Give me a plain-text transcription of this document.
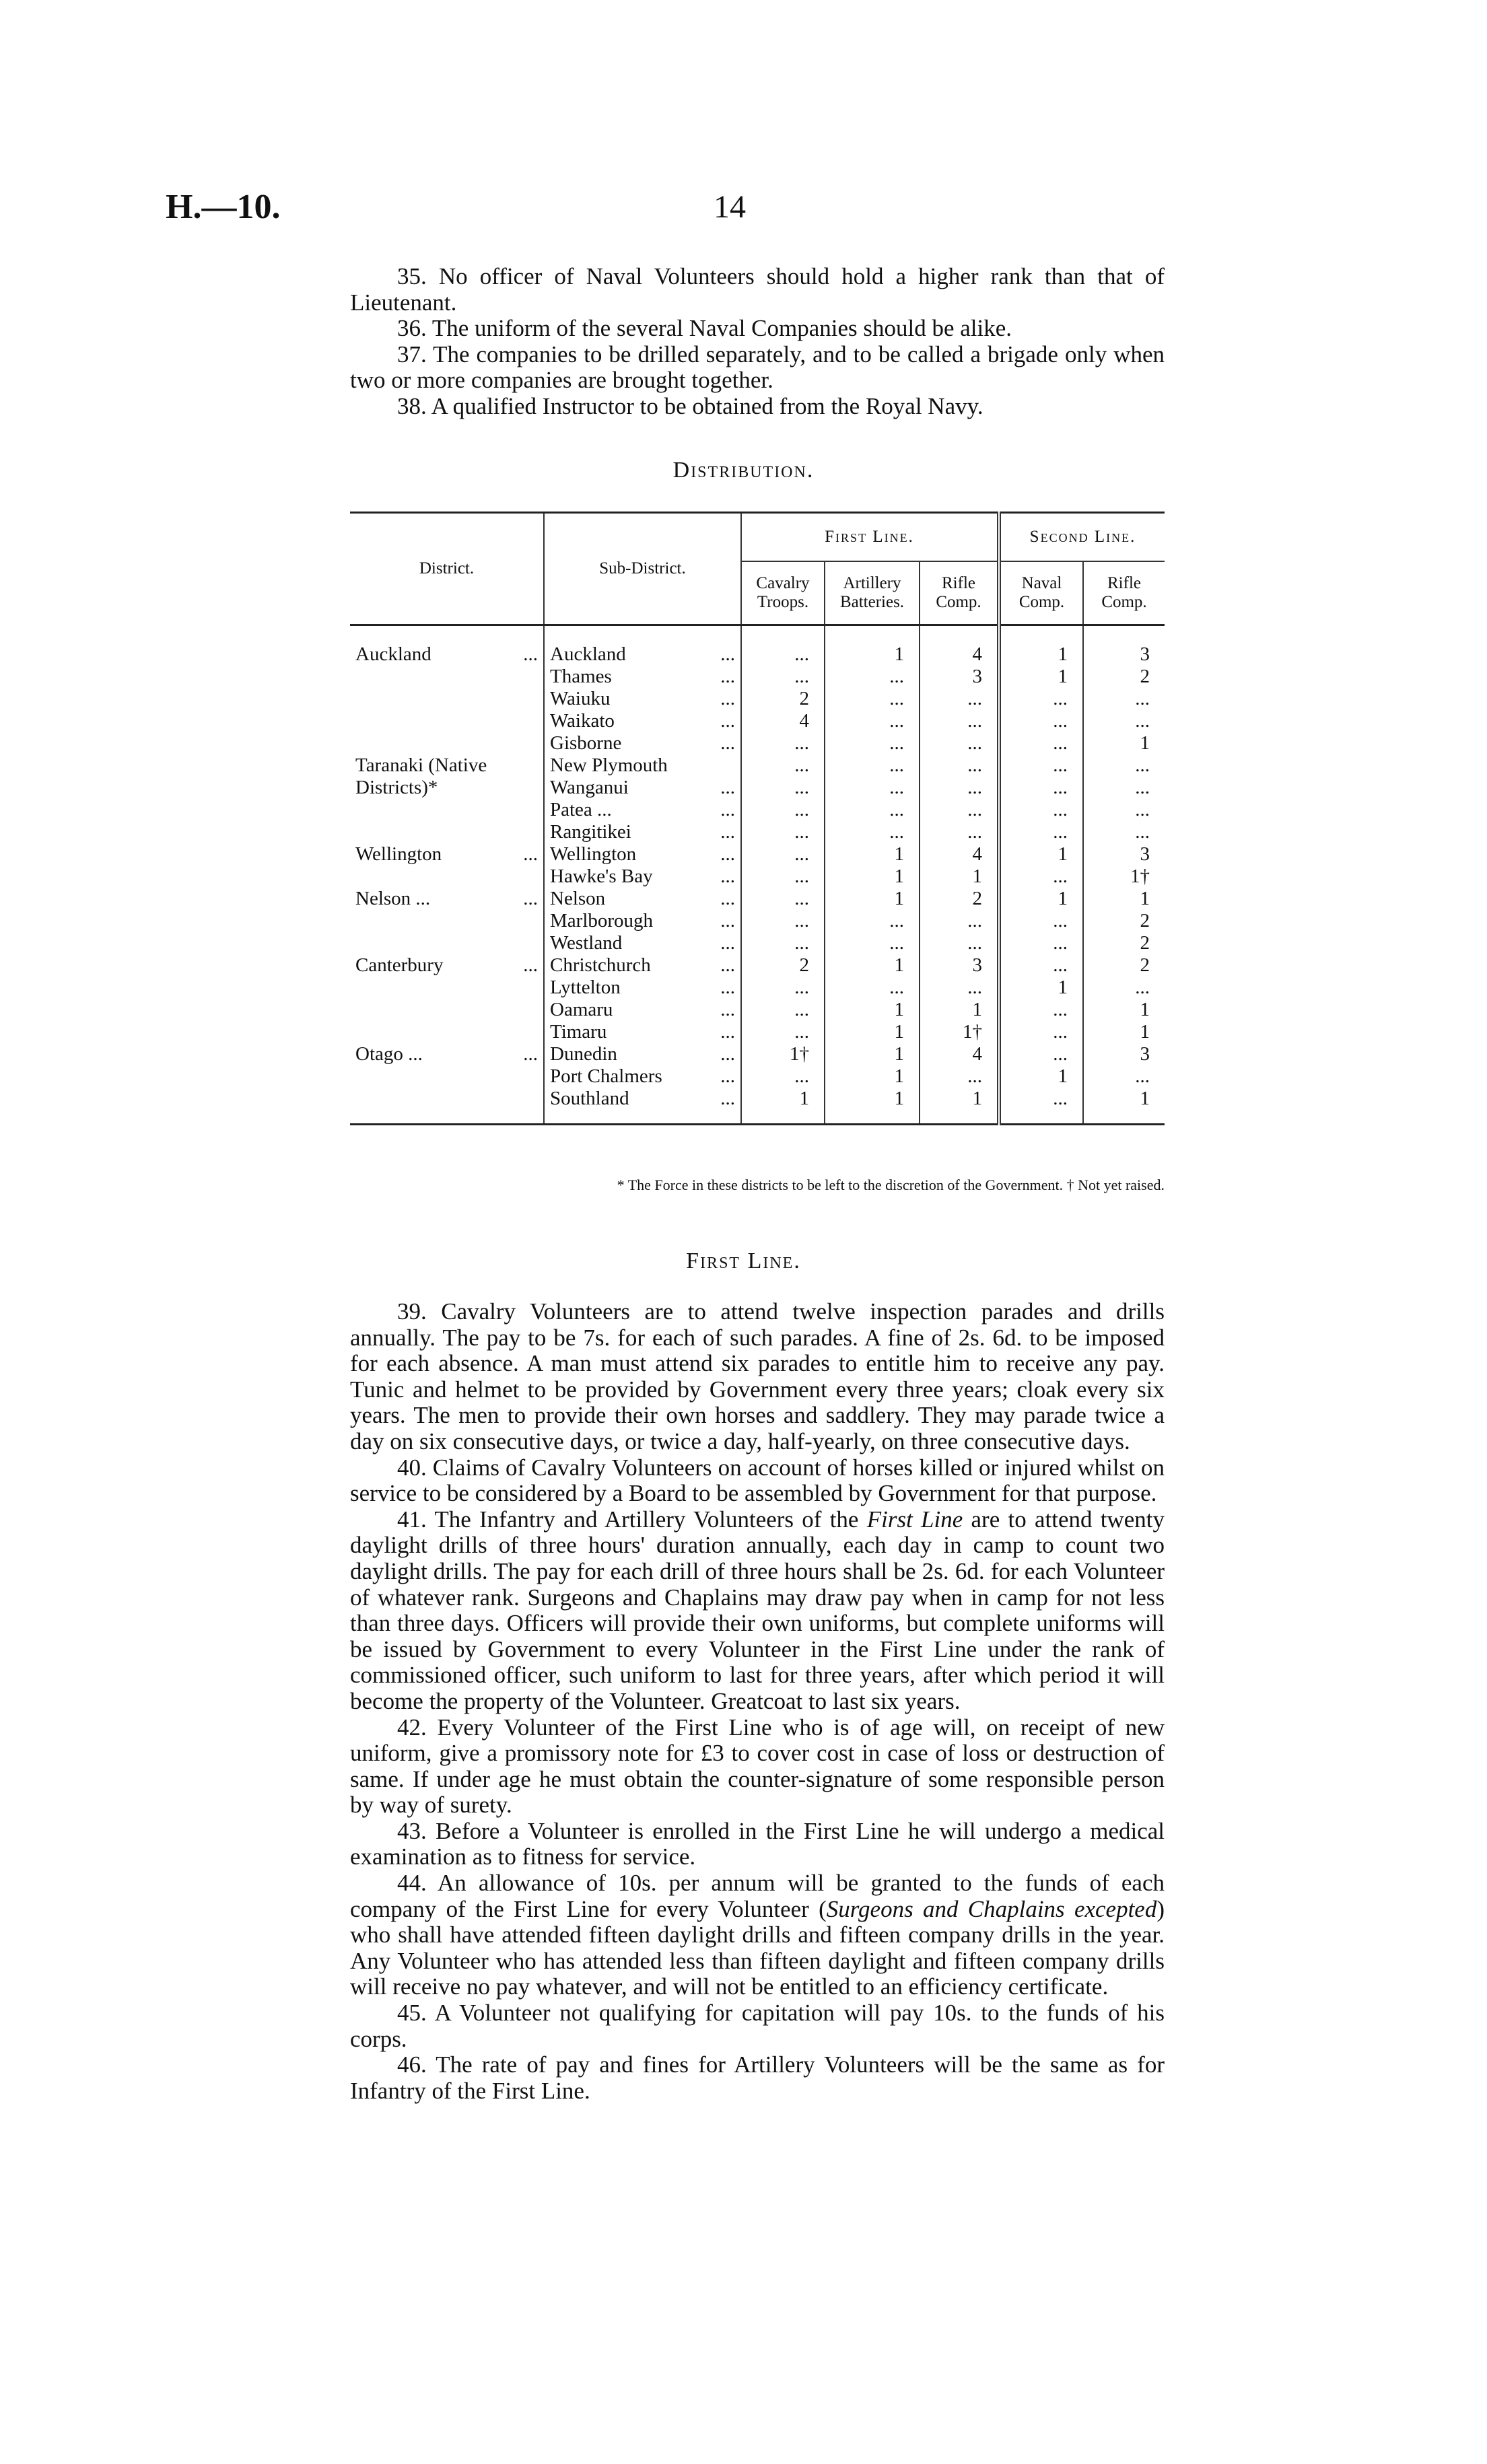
H.—10.	14

35. No officer of Naval Volunteers should hold a higher rank than that of Lieutenant.

36. The uniform of the several Naval Companies should be alike.

37. The companies to be drilled separately, and to be called a brigade only when two or more companies are brought together.

38. A qualified Instructor to be obtained from the Royal Navy.

Distribution.
District.	Sub-District.	First Line.			Second Line.	
		Cavalry Troops.	Artillery Batteries.	Rifle Comp.	Naval Comp.	Rifle Comp.
Auckland ...	Auckland ...	...	1	4	1	3
	Thames ...	...	...	3	1	2
	Waiuku ...	2	...	...	...	...
	Waikato ...	4	...	...	...	...
	Gisborne ...	...	...	...	...	1
Taranaki (Native	New Plymouth	...	...	...	...	...
Districts)*	Wanganui ...	...	...	...	...	...
	Patea ... ...	...	...	...	...	...
	Rangitikei ...	...	...	...	...	...
Wellington ...	Wellington ...	...	1	4	1	3
	Hawke's Bay ...	...	1	1	...	1†
Nelson ... ...	Nelson ...	...	1	2	1	1
	Marlborough ...	...	...	...	...	2
	Westland ...	...	...	...	...	2
Canterbury ...	Christchurch ...	2	1	3	...	2
	Lyttelton ...	...	...	...	1	...
	Oamaru ...	...	1	1	...	1
	Timaru ...	...	1	1†	...	1
Otago ... ...	Dunedin ...	1†	1	4	...	3
	Port Chalmers ...	...	1	...	1	...
	Southland ...	1	1	1	...	1
* The Force in these districts to be left to the discretion of the Government. † Not yet raised.
First Line.

39. Cavalry Volunteers are to attend twelve inspection parades and drills annually. The pay to be 7s. for each of such parades. A fine of 2s. 6d. to be imposed for each absence. A man must attend six parades to entitle him to receive any pay. Tunic and helmet to be provided by Government every three years; cloak every six years. The men to provide their own horses and saddlery. They may parade twice a day on six consecutive days, or twice a day, half-yearly, on three consecutive days.

40. Claims of Cavalry Volunteers on account of horses killed or injured whilst on service to be considered by a Board to be assembled by Government for that purpose.

41. The Infantry and Artillery Volunteers of the First Line are to attend twenty daylight drills of three hours' duration annually, each day in camp to count two daylight drills. The pay for each drill of three hours shall be 2s. 6d. for each Volunteer of whatever rank. Surgeons and Chaplains may draw pay when in camp for not less than three days. Officers will provide their own uniforms, but complete uniforms will be issued by Government to every Volunteer in the First Line under the rank of commissioned officer, such uniform to last for three years, after which period it will become the property of the Volunteer. Greatcoat to last six years.

42. Every Volunteer of the First Line who is of age will, on receipt of new uniform, give a promissory note for £3 to cover cost in case of loss or destruction of same. If under age he must obtain the counter-signature of some responsible person by way of surety.

43. Before a Volunteer is enrolled in the First Line he will undergo a medical examination as to fitness for service.

44. An allowance of 10s. per annum will be granted to the funds of each company of the First Line for every Volunteer (Surgeons and Chaplains excepted) who shall have attended fifteen daylight drills and fifteen company drills in the year. Any Volunteer who has attended less than fifteen daylight and fifteen company drills will receive no pay whatever, and will not be entitled to an efficiency certificate.

45. A Volunteer not qualifying for capitation will pay 10s. to the funds of his corps.

46. The rate of pay and fines for Artillery Volunteers will be the same as for Infantry of the First Line.
